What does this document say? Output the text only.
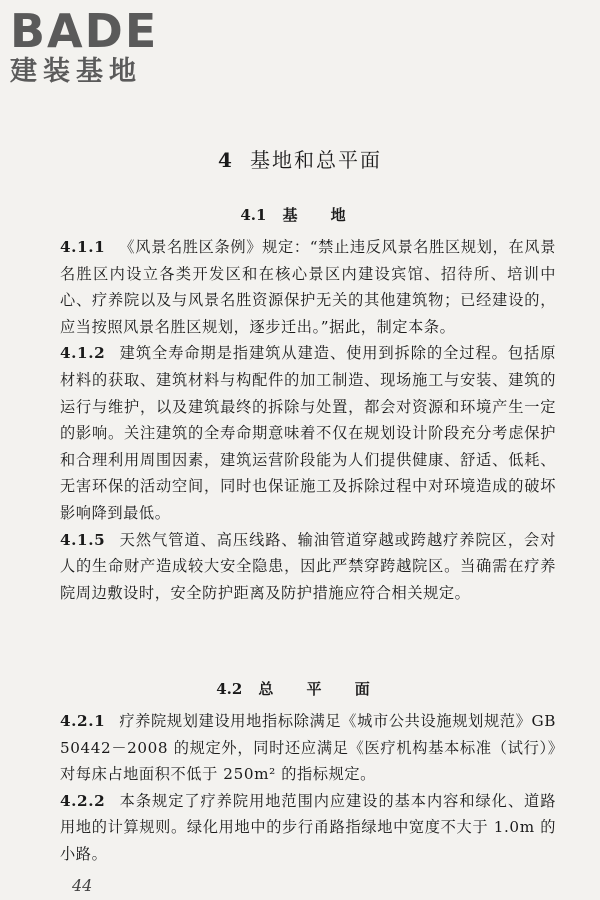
BADE
建装基地
4 基地和总平面
4.1 基 地

4.1.1 《风景名胜区条例》规定：“禁止违反风景名胜区规划，在风景名胜区内设立各类开发区和在核心景区内建设宾馆、招待所、培训中心、疗养院以及与风景名胜资源保护无关的其他建筑物；已经建设的，应当按照风景名胜区规划，逐步迁出。”据此，制定本条。

4.1.2 建筑全寿命期是指建筑从建造、使用到拆除的全过程。包括原材料的获取、建筑材料与构配件的加工制造、现场施工与安装、建筑的运行与维护，以及建筑最终的拆除与处置，都会对资源和环境产生一定的影响。关注建筑的全寿命期意味着不仅在规划设计阶段充分考虑保护和合理利用周围因素，建筑运营阶段能为人们提供健康、舒适、低耗、无害环保的活动空间，同时也保证施工及拆除过程中对环境造成的破坏影响降到最低。

4.1.5 天然气管道、高压线路、输油管道穿越或跨越疗养院区，会对人的生命财产造成较大安全隐患，因此严禁穿跨越院区。当确需在疗养院周边敷设时，安全防护距离及防护措施应符合相关规定。

4.2 总 平 面

4.2.1 疗养院规划建设用地指标除满足《城市公共设施规划规范》GB 50442－2008 的规定外，同时还应满足《医疗机构基本标准（试行）》对每床占地面积不低于 250m² 的指标规定。

4.2.2 本条规定了疗养院用地范围内应建设的基本内容和绿化、道路用地的计算规则。绿化用地中的步行甬路指绿地中宽度不大于 1.0m 的小路。

44
